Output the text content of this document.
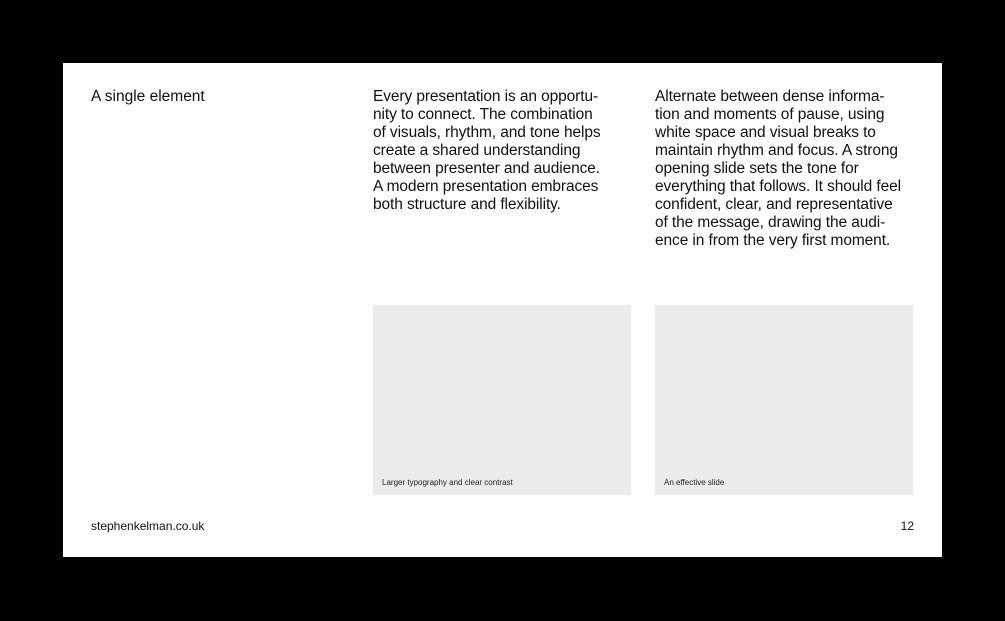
A single element	Every presentation is an opportu-
nity to connect. The combination
of visuals, rhythm, and tone helps
create a shared understanding
between presenter and audience.
A modern presentation embraces
both structure and flexibility.
Alternate between dense informa-
tion and moments of pause, using
white space and visual breaks to
maintain rhythm and focus. A strong
opening slide sets the tone for
everything that follows. It should feel
confident, clear, and representative
of the message, drawing the audi-
ence in from the very first moment.
Larger typography and clear contrast	An effective slide
stephenkelman.co.uk	12
